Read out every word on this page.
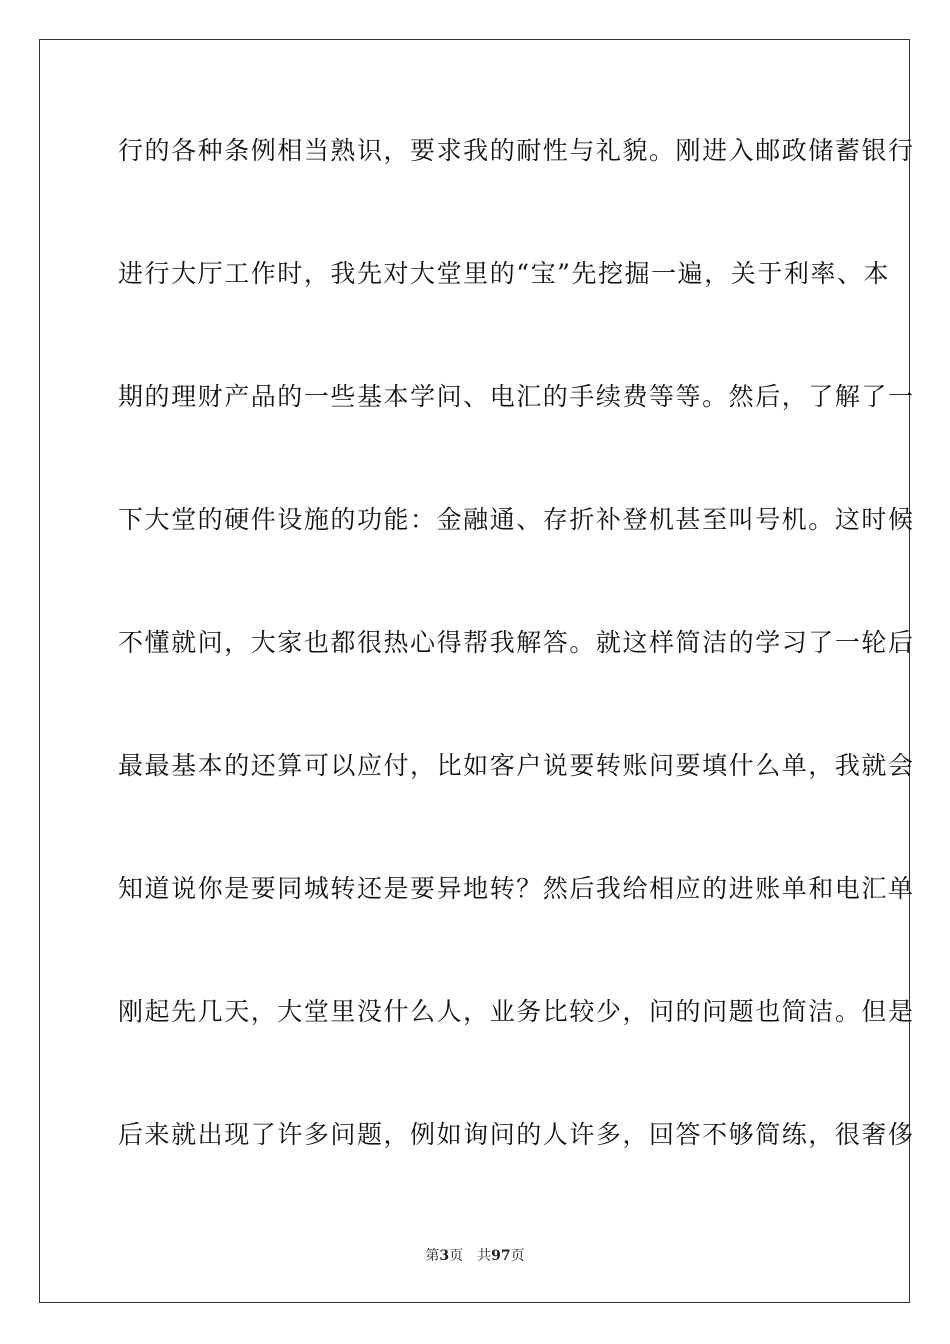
行的各种条例相当熟识，要求我的耐性与礼貌。刚进入邮政储蓄银行
进行大厅工作时，我先对大堂里的“宝”先挖掘一遍，关于利率、本
期的理财产品的一些基本学问、电汇的手续费等等。然后，了解了一
下大堂的硬件设施的功能：金融通、存折补登机甚至叫号机。这时候
不懂就问，大家也都很热心得帮我解答。就这样简洁的学习了一轮后
最最基本的还算可以应付，比如客户说要转账问要填什么单，我就会
知道说你是要同城转还是要异地转？然后我给相应的进账单和电汇单
刚起先几天，大堂里没什么人，业务比较少，问的问题也简洁。但是
后来就出现了许多问题，例如询问的人许多，回答不够简练，很奢侈
第3页 共97页
